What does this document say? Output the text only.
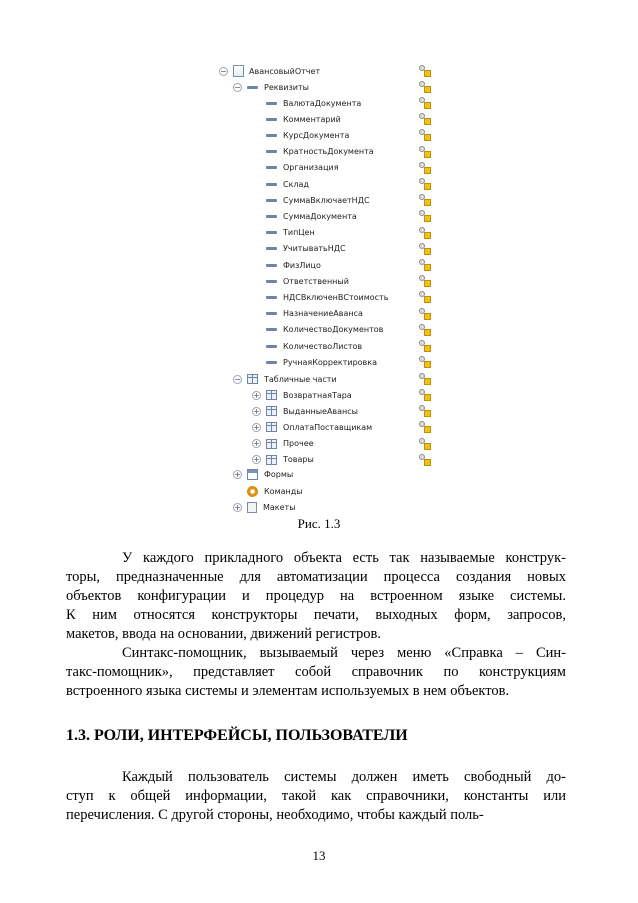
−	АвансовыйОтчет
−	Реквизиты
ВалютаДокумента
Комментарий
КурсДокумента
КратностьДокумента
Организация
Склад
СуммаВключаетНДС
СуммаДокумента
ТипЦен
УчитыватьНДС
ФизЛицо
Ответственный
НДСВключенВСтоимость
НазначениеАванса
КоличествоДокументов
КоличествоЛистов
РучнаяКорректировка
−	Табличные части
+	ВозвратнаяТара
+	ВыданныеАвансы
+	ОплатаПоставщикам
+	Прочее
+	Товары
+	Формы
Команды
+	Макеты
Рис. 1.3
У каждого прикладного объекта есть так называемые конструк-
торы, предназначенные для автоматизации процесса создания новых
объектов конфигурации и процедур на встроенном языке системы.
К ним относятся конструкторы печати, выходных форм, запросов,
макетов, ввода на основании, движений регистров.
Синтакс-помощник, вызываемый через меню «Справка – Син-
такс-помощник», представляет собой справочник по конструкциям
встроенного языка системы и элементам используемых в нем объектов.
1.3. РОЛИ, ИНТЕРФЕЙСЫ, ПОЛЬЗОВАТЕЛИ
Каждый пользователь системы должен иметь свободный до-
ступ к общей информации, такой как справочники, константы или
перечисления. С другой стороны, необходимо, чтобы каждый поль-
13
